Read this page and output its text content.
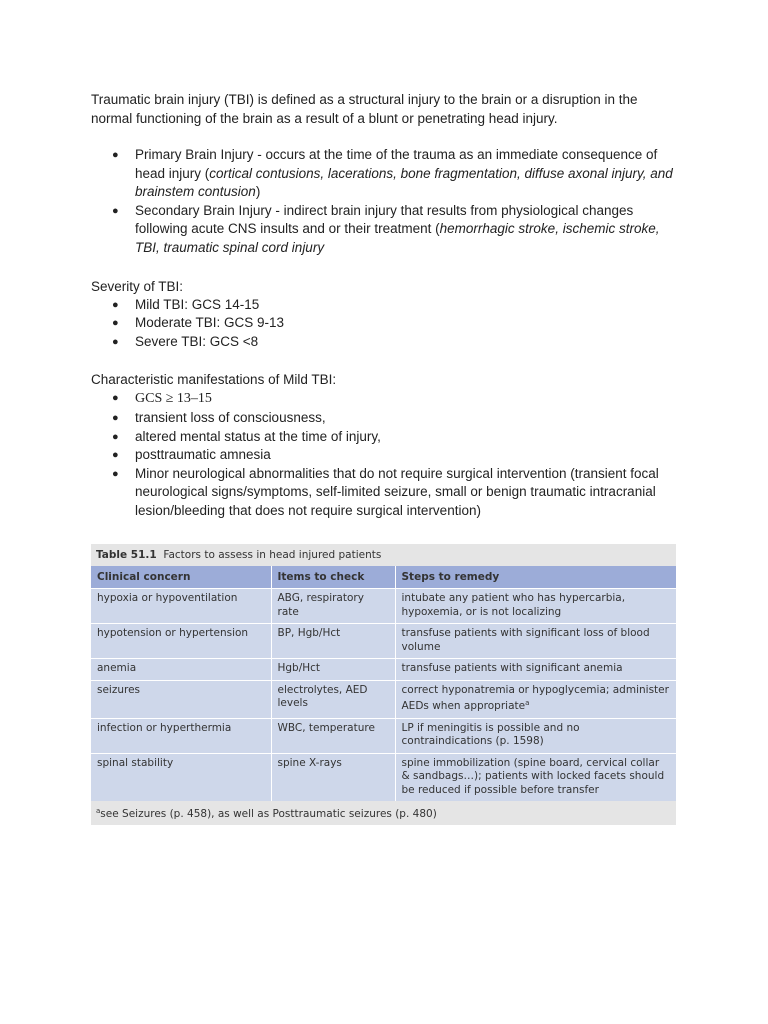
Traumatic brain injury (TBI) is defined as a structural injury to the brain or a disruption in the normal functioning of the brain as a result of a blunt or penetrating head injury.

● Primary Brain Injury - occurs at the time of the trauma as an immediate consequence of head injury (cortical contusions, lacerations, bone fragmentation, diffuse axonal injury, and brainstem contusion)
● Secondary Brain Injury - indirect brain injury that results from physiological changes following acute CNS insults and or their treatment (hemorrhagic stroke, ischemic stroke, TBI, traumatic spinal cord injury

Severity of TBI:

● Mild TBI: GCS 14-15
● Moderate TBI: GCS 9-13
● Severe TBI: GCS <8

Characteristic manifestations of Mild TBI:

● GCS ≥ 13–15
● transient loss of consciousness,
● altered mental status at the time of injury,
● posttraumatic amnesia
● Minor neurological abnormalities that do not require surgical intervention (transient focal neurological signs/symptoms, self-limited seizure, small or benign traumatic intracranial lesion/bleeding that does not require surgical intervention)
Table 51.1 Factors to assess in head injured patients
Clinical concern	Items to check	Steps to remedy
hypoxia or hypoventilation	ABG, respiratory rate	intubate any patient who has hypercarbia, hypoxemia, or is not localizing
hypotension or hypertension	BP, Hgb/Hct	transfuse patients with significant loss of blood volume
anemia	Hgb/Hct	transfuse patients with significant anemia
seizures	electrolytes, AED levels	correct hyponatremia or hypoglycemia; administer AEDs when appropriate$^a$
infection or hyperthermia	WBC, temperature	LP if meningitis is possible and no contraindications (p. 1598)
spinal stability	spine X-rays	spine immobilization (spine board, cervical collar & sandbags…); patients with locked facets should be reduced if possible before transfer
$^a$see Seizures (p. 458), as well as Posttraumatic seizures (p. 480)
